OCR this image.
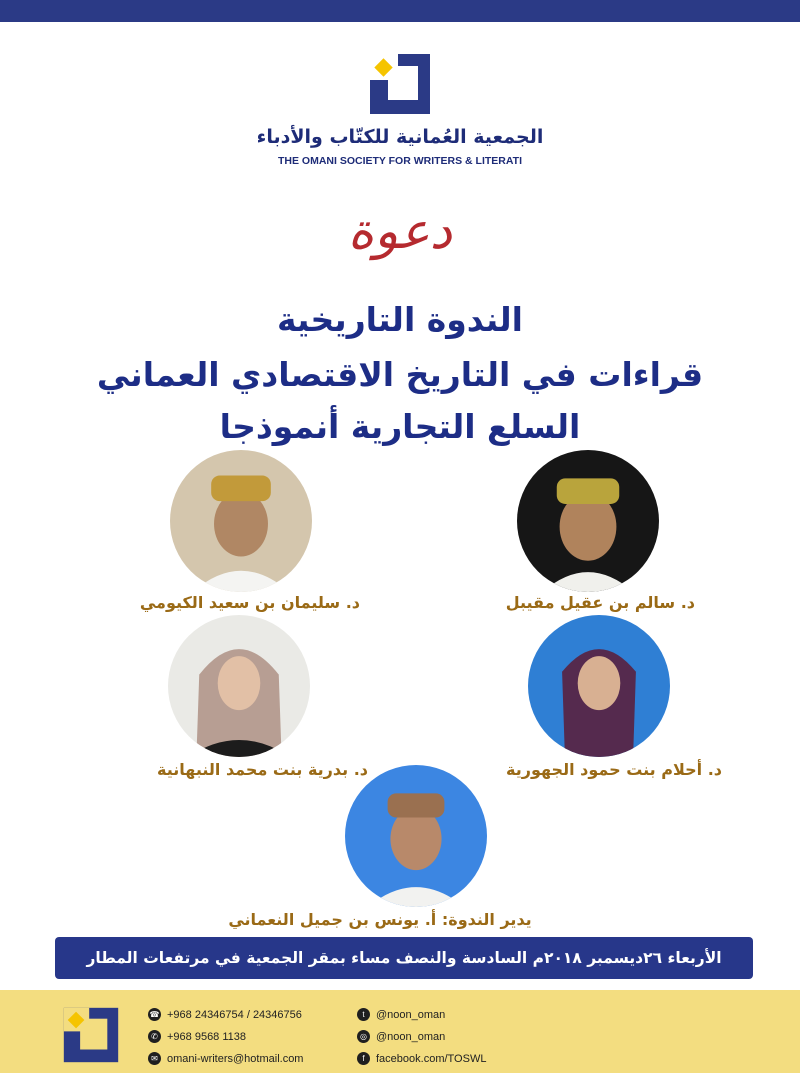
الجمعية العُمانية للكتّاب والأدباء
THE OMANI SOCIETY FOR WRITERS & LITERATI
دعوة
الندوة التاريخية
قراءات في التاريخ الاقتصادي العماني
السلع التجارية أنموذجا
د. سالم بن عقيل مقيبل
د. سليمان بن سعيد الكيومي
د. أحلام بنت حمود الجهورية
د. بدرية بنت محمد النبهانية
يدير الندوة: أ. يونس بن جميل النعماني
الأربعاء ٢٦ديسمبر ٢٠١٨م السادسة والنصف مساء بمقر الجمعية في مرتفعات المطار
☎ +968 24346754 / 24346756
✆ +968 9568 1138
✉ omani-writers@hotmail.com
t	@noon_oman
◎ @noon_oman
f	facebook.com/TOSWL
